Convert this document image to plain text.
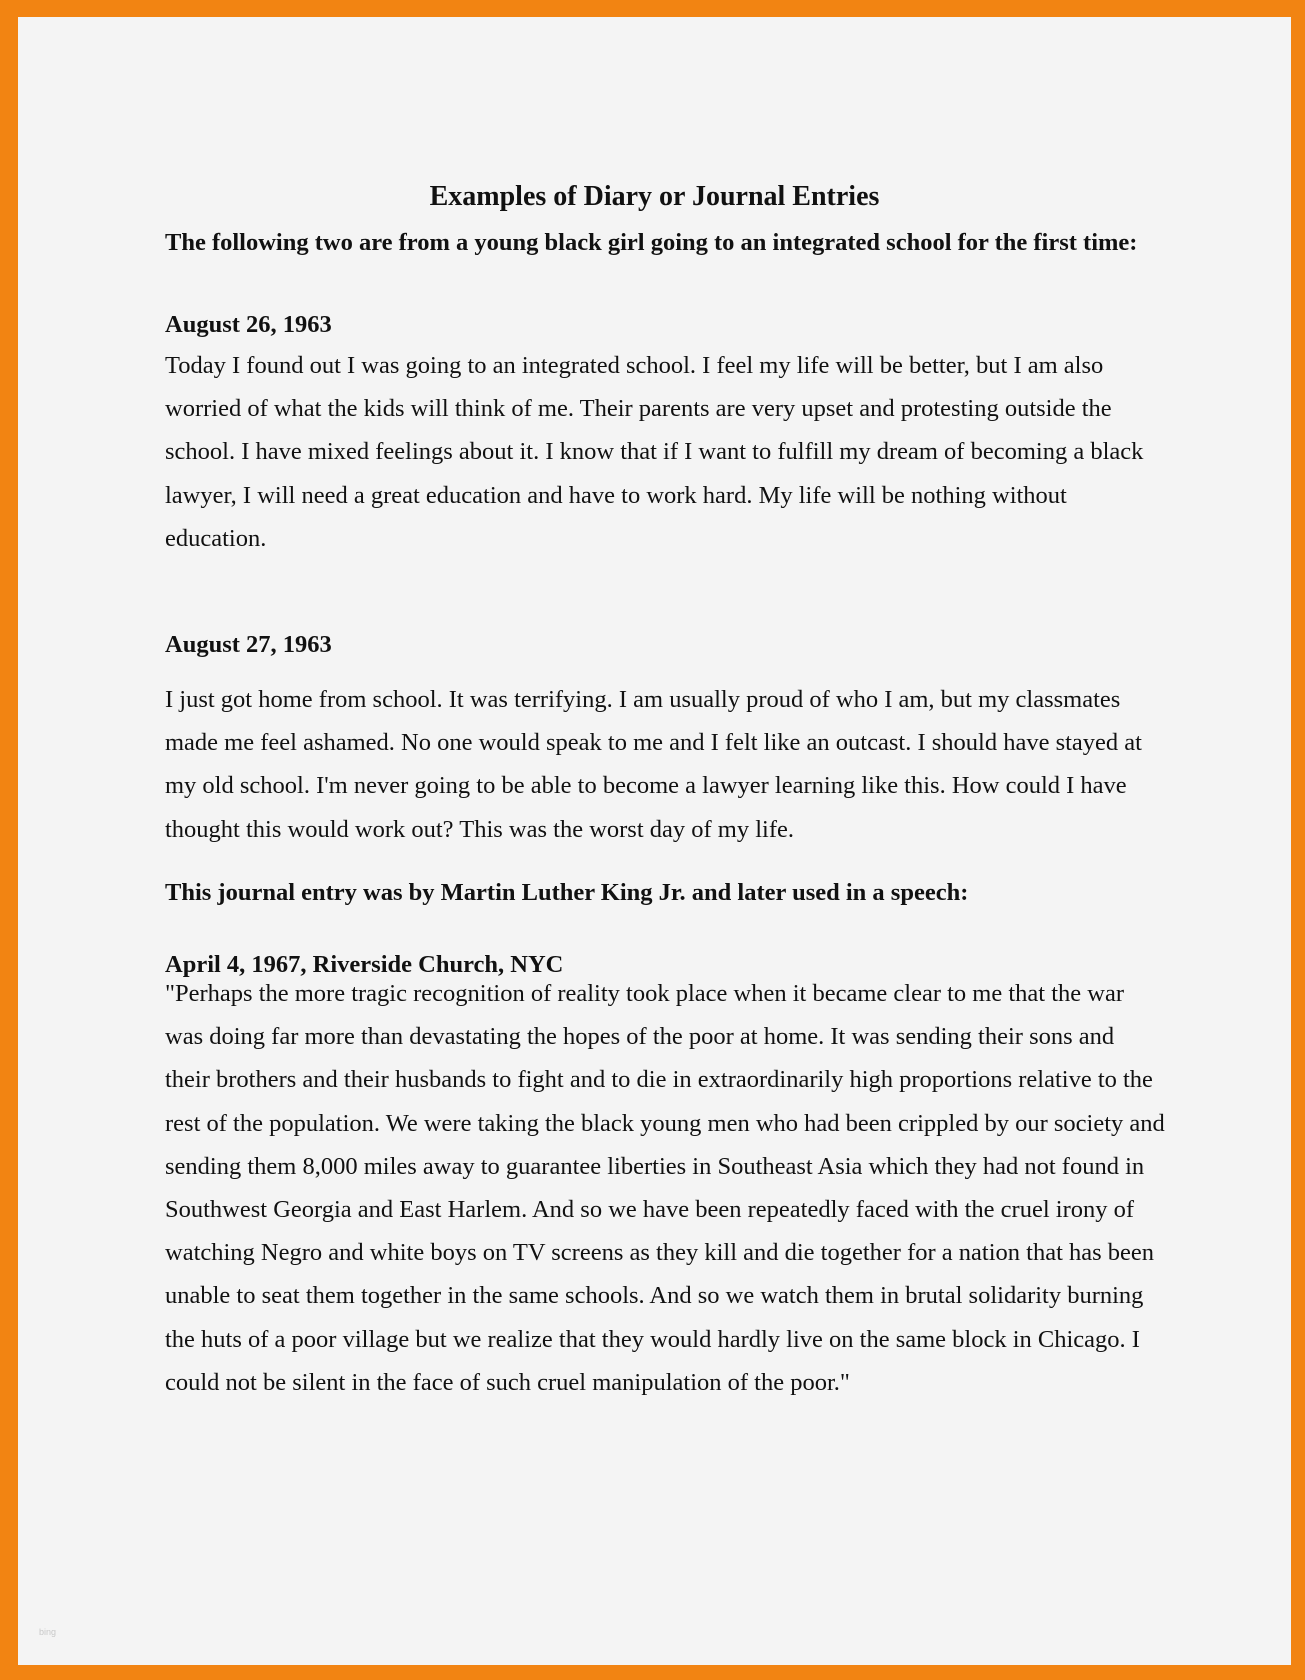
Examples of Diary or Journal Entries

The following two are from a young black girl going to an integrated school for the first time:

August 26, 1963

Today I found out I was going to an integrated school. I feel my life will be better, but I am also worried of what the kids will think of me. Their parents are very upset and protesting outside the school. I have mixed feelings about it. I know that if I want to fulfill my dream of becoming a black lawyer, I will need a great education and have to work hard. My life will be nothing without education.

August 27, 1963

I just got home from school. It was terrifying. I am usually proud of who I am, but my classmates made me feel ashamed. No one would speak to me and I felt like an outcast. I should have stayed at my old school. I'm never going to be able to become a lawyer learning like this. How could I have thought this would work out? This was the worst day of my life.

This journal entry was by Martin Luther King Jr. and later used in a speech:

April 4, 1967, Riverside Church, NYC

"Perhaps the more tragic recognition of reality took place when it became clear to me that the war was doing far more than devastating the hopes of the poor at home. It was sending their sons and their brothers and their husbands to fight and to die in extraordinarily high proportions relative to the rest of the population. We were taking the black young men who had been crippled by our society and sending them 8,000 miles away to guarantee liberties in Southeast Asia which they had not found in Southwest Georgia and East Harlem. And so we have been repeatedly faced with the cruel irony of watching Negro and white boys on TV screens as they kill and die together for a nation that has been unable to seat them together in the same schools. And so we watch them in brutal solidarity burning the huts of a poor village but we realize that they would hardly live on the same block in Chicago. I could not be silent in the face of such cruel manipulation of the poor."

bing
